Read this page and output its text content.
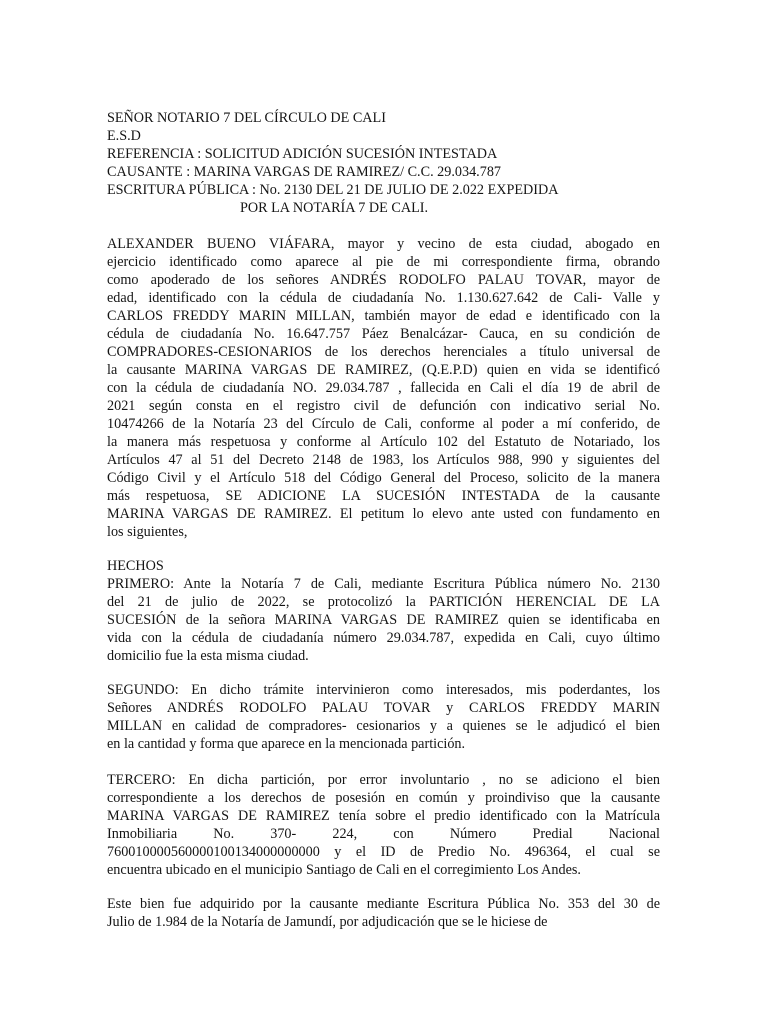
SEÑOR NOTARIO 7 DEL CÍRCULO DE CALI
E.S.D
REFERENCIA : SOLICITUD ADICIÓN SUCESIÓN INTESTADA
CAUSANTE : MARINA VARGAS DE RAMIREZ/ C.C. 29.034.787
ESCRITURA PÚBLICA : No. 2130 DEL 21 DE JULIO DE 2.022 EXPEDIDA
POR LA NOTARÍA 7 DE CALI.
ALEXANDER BUENO VIÁFARA, mayor y vecino de esta ciudad, abogado en
ejercicio identificado como aparece al pie de mi correspondiente firma, obrando
como apoderado de los señores ANDRÉS RODOLFO PALAU TOVAR, mayor de
edad, identificado con la cédula de ciudadanía No. 1.130.627.642 de Cali- Valle y
CARLOS FREDDY MARIN MILLAN, también mayor de edad e identificado con la
cédula de ciudadanía No. 16.647.757 Páez Benalcázar- Cauca, en su condición de
COMPRADORES-CESIONARIOS de los derechos herenciales a título universal de
la causante MARINA VARGAS DE RAMIREZ, (Q.E.P.D) quien en vida se identificó
con la cédula de ciudadanía NO. 29.034.787 , fallecida en Cali el día 19 de abril de
2021 según consta en el registro civil de defunción con indicativo serial No.
10474266 de la Notaría 23 del Círculo de Cali, conforme al poder a mí conferido, de
la manera más respetuosa y conforme al Artículo 102 del Estatuto de Notariado, los
Artículos 47 al 51 del Decreto 2148 de 1983, los Artículos 988, 990 y siguientes del
Código Civil y el Artículo 518 del Código General del Proceso, solicito de la manera
más respetuosa, SE ADICIONE LA SUCESIÓN INTESTADA de la causante
MARINA VARGAS DE RAMIREZ. El petitum lo elevo ante usted con fundamento en
los siguientes,
HECHOS
PRIMERO: Ante la Notaría 7 de Cali, mediante Escritura Pública número No. 2130
del 21 de julio de 2022, se protocolizó la PARTICIÓN HERENCIAL DE LA
SUCESIÓN de la señora MARINA VARGAS DE RAMIREZ quien se identificaba en
vida con la cédula de ciudadanía número 29.034.787, expedida en Cali, cuyo último
domicilio fue la esta misma ciudad.
SEGUNDO: En dicho trámite intervinieron como interesados, mis poderdantes, los
Señores ANDRÉS RODOLFO PALAU TOVAR y CARLOS FREDDY MARIN
MILLAN en calidad de compradores- cesionarios y a quienes se le adjudicó el bien
en la cantidad y forma que aparece en la mencionada partición.
TERCERO: En dicha partición, por error involuntario , no se adiciono el bien
correspondiente a los derechos de posesión en común y proindiviso que la causante
MARINA VARGAS DE RAMIREZ tenía sobre el predio identificado con la Matrícula
Inmobiliaria No. 370- 224, con Número Predial Nacional
760010000560000100134000000000 y el ID de Predio No. 496364, el cual se
encuentra ubicado en el municipio Santiago de Cali en el corregimiento Los Andes.
Este bien fue adquirido por la causante mediante Escritura Pública No. 353 del 30 de
Julio de 1.984 de la Notaría de Jamundí, por adjudicación que se le hiciese de
